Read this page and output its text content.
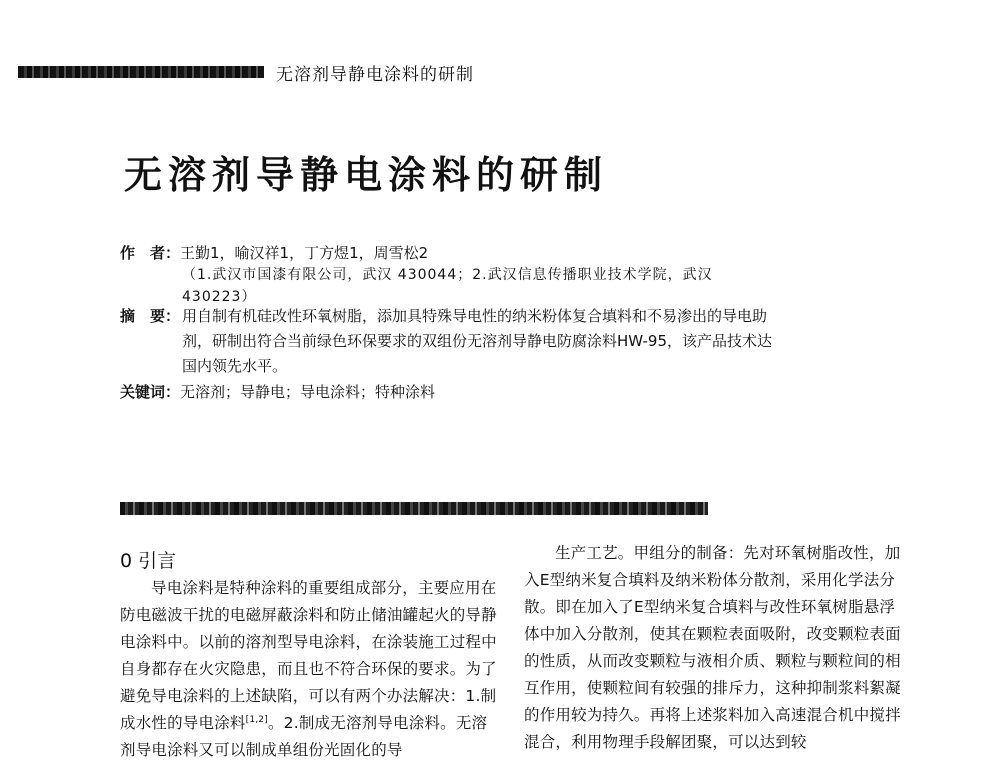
无溶剂导静电涂料的研制
无溶剂导静电涂料的研制
作　者：王勤1，喻汉祥1，丁方煜1，周雪松2
（1.武汉市国漆有限公司，武汉 430044；2.武汉信息传播职业技术学院，武汉 430223）
摘　要： 用自制有机硅改性环氧树脂，添加具特殊导电性的纳米粉体复合填料和不易渗出的导电助剂，研制出符合当前绿色环保要求的双组份无溶剂导静电防腐涂料HW-95，该产品技术达国内领先水平。
关键词：无溶剂；导静电；导电涂料；特种涂料
0 引言

导电涂料是特种涂料的重要组成部分，主要应用在防电磁波干扰的电磁屏蔽涂料和防止储油罐起火的导静电涂料中。以前的溶剂型导电涂料，在涂装施工过程中自身都存在火灾隐患，而且也不符合环保的要求。为了避免导电涂料的上述缺陷，可以有两个办法解决：1.制成水性的导电涂料[1,2]。2.制成无溶剂导电涂料。无溶剂导电涂料又可以制成单组份光固化的导

生产工艺。甲组分的制备：先对环氧树脂改性，加入E型纳米复合填料及纳米粉体分散剂，采用化学法分散。即在加入了E型纳米复合填料与改性环氧树脂悬浮体中加入分散剂，使其在颗粒表面吸附，改变颗粒表面的性质，从而改变颗粒与液相介质、颗粒与颗粒间的相互作用，使颗粒间有较强的排斥力，这种抑制浆料絮凝的作用较为持久。再将上述浆料加入高速混合机中搅拌混合，利用物理手段解团聚，可以达到较
